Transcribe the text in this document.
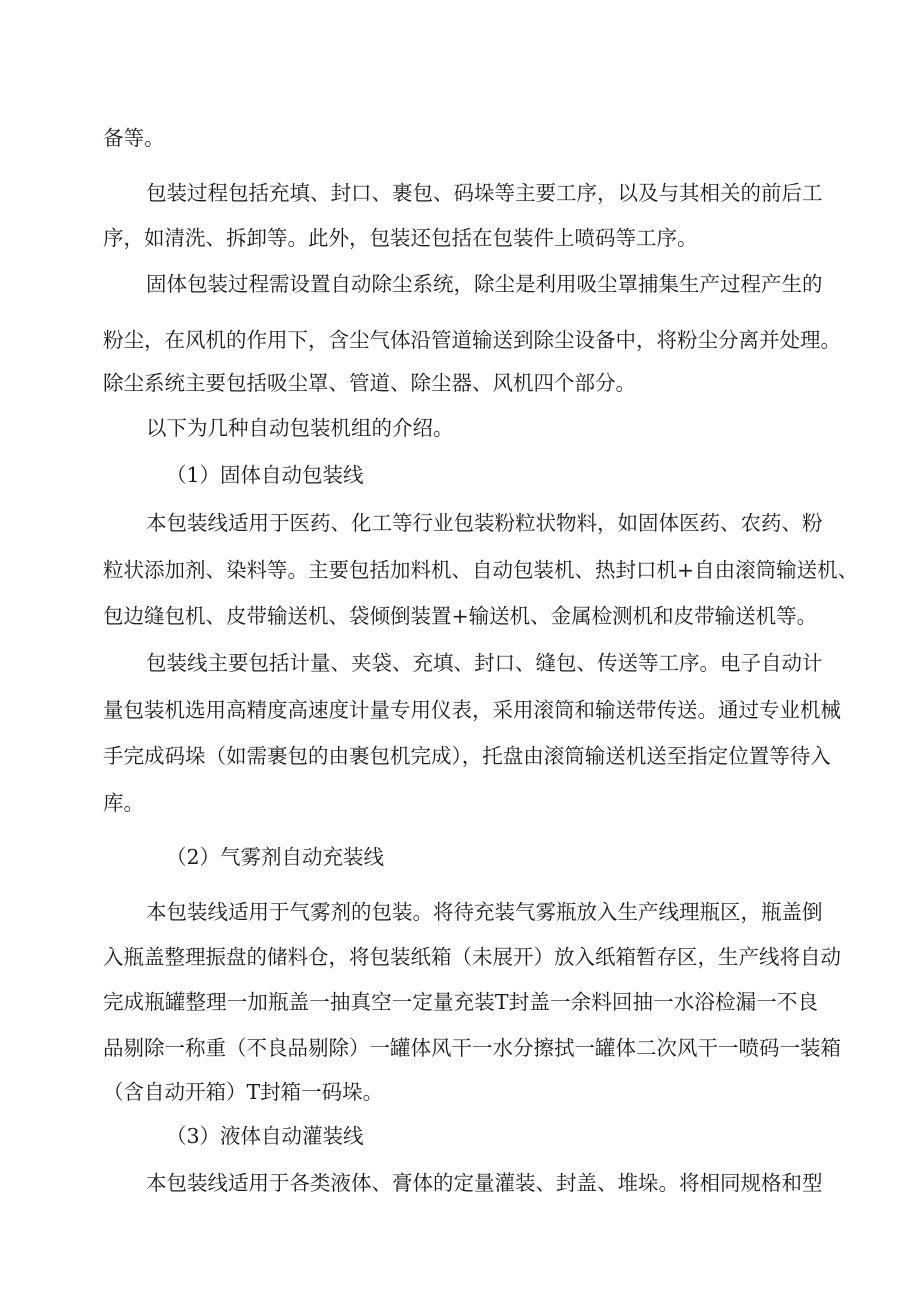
备等。

包装过程包括充填、封口、裹包、码垛等主要工序，以及与其相关的前后工

序，如清洗、拆卸等。此外，包装还包括在包装件上喷码等工序。

固体包装过程需设置自动除尘系统，除尘是利用吸尘罩捕集生产过程产生的

粉尘，在风机的作用下，含尘气体沿管道输送到除尘设备中，将粉尘分离并处理。

除尘系统主要包括吸尘罩、管道、除尘器、风机四个部分。

以下为几种自动包装机组的介绍。

（1）固体自动包装线

本包装线适用于医药、化工等行业包装粉粒状物料，如固体医药、农药、粉

粒状添加剂、染料等。主要包括加料机、自动包装机、热封口机+自由滚筒输送机、

包边缝包机、皮带输送机、袋倾倒装置+输送机、金属检测机和皮带输送机等。

包装线主要包括计量、夹袋、充填、封口、缝包、传送等工序。电子自动计

量包装机选用高精度高速度计量专用仪表，采用滚筒和输送带传送。通过专业机械

手完成码垛（如需裹包的由裹包机完成），托盘由滚筒输送机送至指定位置等待入

库。

（2）气雾剂自动充装线

本包装线适用于气雾剂的包装。将待充装气雾瓶放入生产线理瓶区，瓶盖倒

入瓶盖整理振盘的储料仓，将包装纸箱（未展开）放入纸箱暂存区，生产线将自动

完成瓶罐整理一加瓶盖一抽真空一定量充装T封盖一余料回抽一水浴检漏一不良

品剔除一称重（不良品剔除）一罐体风干一水分擦拭一罐体二次风干一喷码一装箱

（含自动开箱）T封箱一码垛。

（3）液体自动灌装线

本包装线适用于各类液体、膏体的定量灌装、封盖、堆垛。将相同规格和型
